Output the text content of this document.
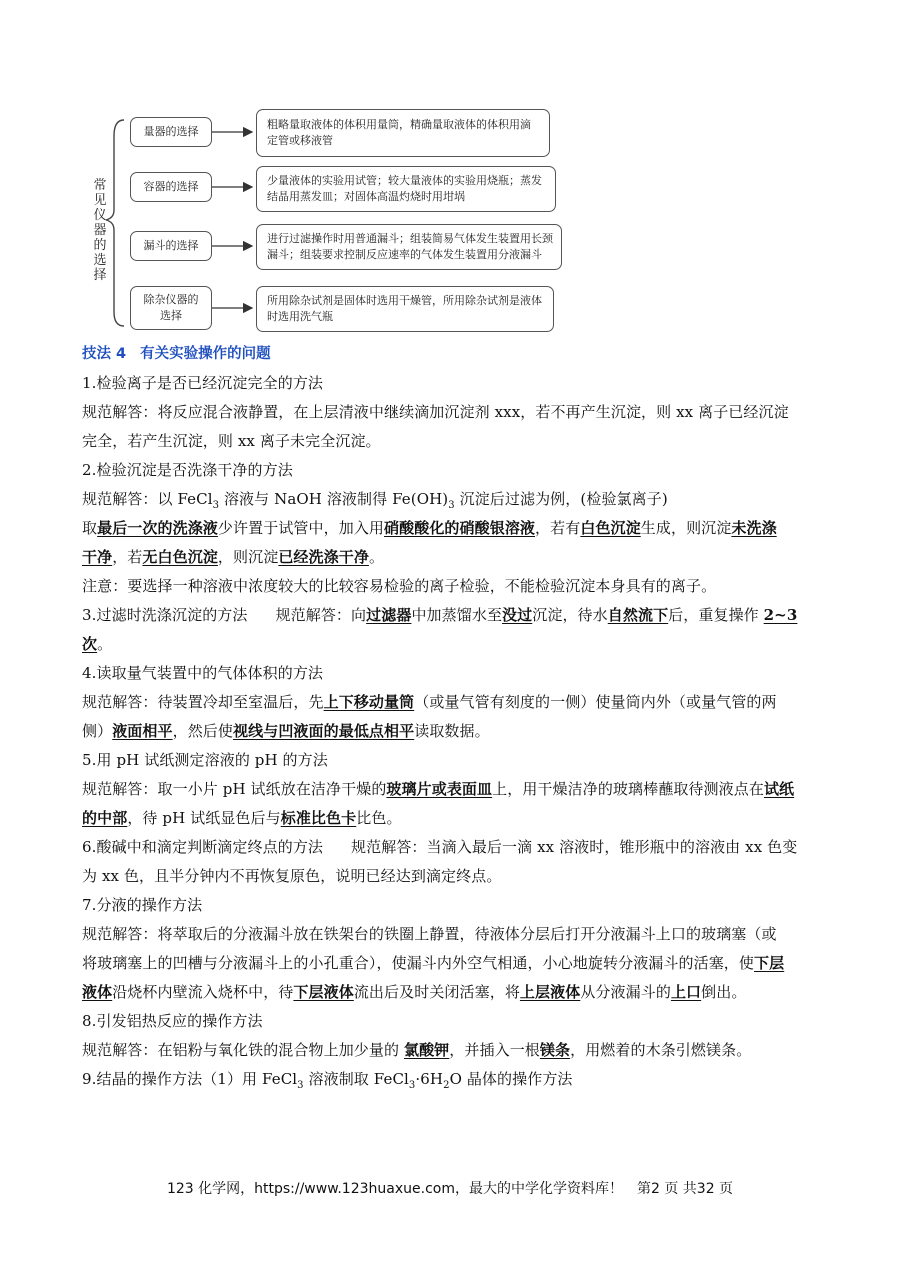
常见仪器的选择
量器的选择
粗略量取液体的体积用量筒，精确量取液体的体积用滴定管或移液管
容器的选择	少量液体的实验用试管；较大量液体的实验用烧瓶；蒸发结晶用蒸发皿；对固体高温灼烧时用坩埚
漏斗的选择
进行过滤操作时用普通漏斗；组装简易气体发生装置用长颈漏斗；组装要求控制反应速率的气体发生装置用分液漏斗
除杂仪器的
选择
所用除杂试剂是固体时选用干燥管，所用除杂试剂是液体时选用洗气瓶
技法 4 有关实验操作的问题
1.检验离子是否已经沉淀完全的方法
规范解答：将反应混合液静置，在上层清液中继续滴加沉淀剂 xxx，若不再产生沉淀，则 xx 离子已经沉淀
完全，若产生沉淀，则 xx 离子未完全沉淀。
2.检验沉淀是否洗涤干净的方法
规范解答：以 FeCl$_3$ 溶液与 NaOH 溶液制得 $Fe(OH)_3$ 沉淀后过滤为例，(检验氯离子)
取最后一次的洗涤液少许置于试管中，加入用硝酸酸化的硝酸银溶液，若有白色沉淀生成，则沉淀未洗涤
干净，若无白色沉淀，则沉淀已经洗涤干净。
注意：要选择一种溶液中浓度较大的比较容易检验的离子检验，不能检验沉淀本身具有的离子。
3.过滤时洗涤沉淀的方法 规范解答：向过滤器中加蒸馏水至没过沉淀，待水自然流下后，重复操作 2~3
次。
4.读取量气装置中的气体体积的方法
规范解答：待装置冷却至室温后，先上下移动量筒（或量气管有刻度的一侧）使量筒内外（或量气管的两
侧）液面相平，然后使视线与凹液面的最低点相平读取数据。
5.用 pH 试纸测定溶液的 pH 的方法
规范解答：取一小片 pH 试纸放在洁净干燥的玻璃片或表面皿上，用干燥洁净的玻璃棒蘸取待测液点在试纸
的中部，待 pH 试纸显色后与标准比色卡比色。
6.酸碱中和滴定判断滴定终点的方法 规范解答：当滴入最后一滴 xx 溶液时，锥形瓶中的溶液由 xx 色变
为 xx 色，且半分钟内不再恢复原色，说明已经达到滴定终点。
7.分液的操作方法
规范解答：将萃取后的分液漏斗放在铁架台的铁圈上静置，待液体分层后打开分液漏斗上口的玻璃塞（或
将玻璃塞上的凹槽与分液漏斗上的小孔重合），使漏斗内外空气相通，小心地旋转分液漏斗的活塞，使下层
液体沿烧杯内壁流入烧杯中，待下层液体流出后及时关闭活塞，将上层液体从分液漏斗的上口倒出。
8.引发铝热反应的操作方法
规范解答：在铝粉与氧化铁的混合物上加少量的 氯酸钾，并插入一根镁条，用燃着的木条引燃镁条。
9.结晶的操作方法（1）用 FeCl$_3$ 溶液制取 $FeCl_3\cdot 6H_2O$ 晶体的操作方法
123 化学网，https://www.123huaxue.com，最大的中学化学资料库！ 第2 页 共32 页
